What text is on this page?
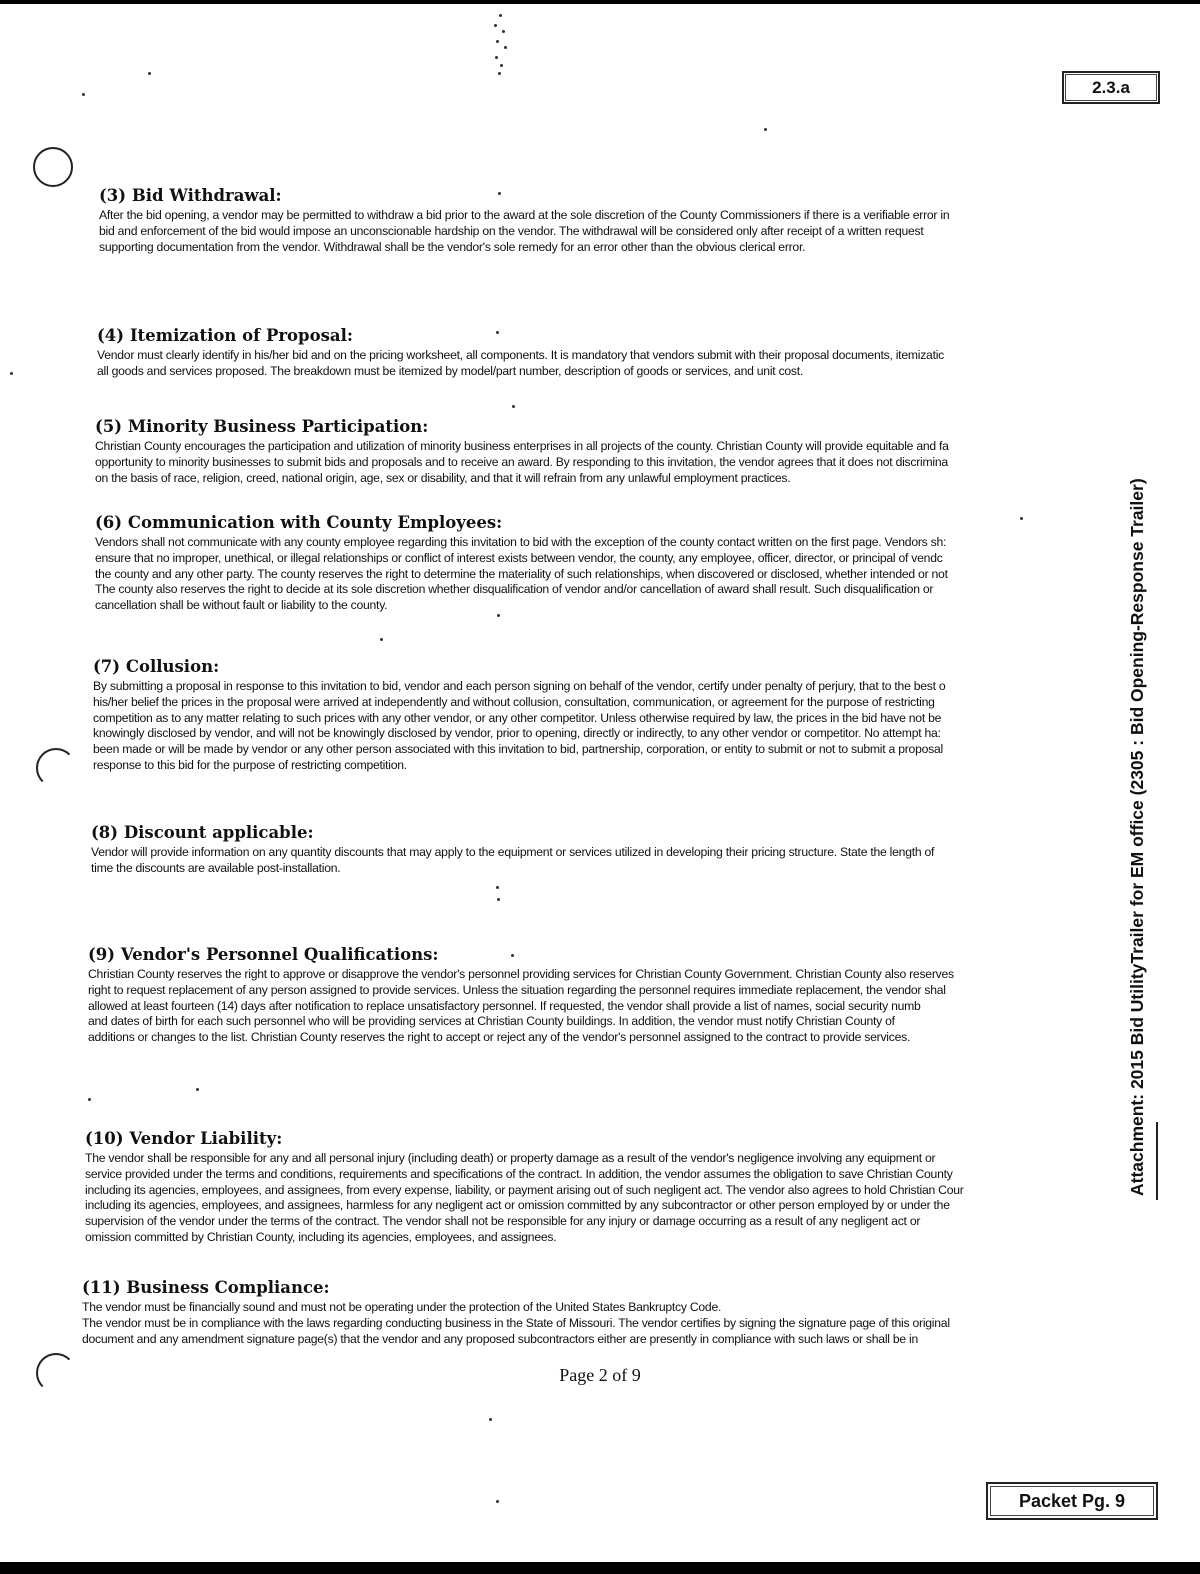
2.3.a
Attachment: 2015 Bid UtilityTrailer for EM office (2305 : Bid Opening-Response Trailer)
(3) Bid Withdrawal:

After the bid opening, a vendor may be permitted to withdraw a bid prior to the award at the sole discretion of the County Commissioners if there is a verifiable error in

bid and enforcement of the bid would impose an unconscionable hardship on the vendor. The withdrawal will be considered only after receipt of a written request

supporting documentation from the vendor. Withdrawal shall be the vendor's sole remedy for an error other than the obvious clerical error.

(4) Itemization of Proposal:

Vendor must clearly identify in his/her bid and on the pricing worksheet, all components. It is mandatory that vendors submit with their proposal documents, itemizatic

all goods and services proposed. The breakdown must be itemized by model/part number, description of goods or services, and unit cost.

(5) Minority Business Participation:

Christian County encourages the participation and utilization of minority business enterprises in all projects of the county. Christian County will provide equitable and fa

opportunity to minority businesses to submit bids and proposals and to receive an award. By responding to this invitation, the vendor agrees that it does not discrimina

on the basis of race, religion, creed, national origin, age, sex or disability, and that it will refrain from any unlawful employment practices.

(6) Communication with County Employees:

Vendors shall not communicate with any county employee regarding this invitation to bid with the exception of the county contact written on the first page. Vendors sh:

ensure that no improper, unethical, or illegal relationships or conflict of interest exists between vendor, the county, any employee, officer, director, or principal of vendc

the county and any other party. The county reserves the right to determine the materiality of such relationships, when discovered or disclosed, whether intended or not

The county also reserves the right to decide at its sole discretion whether disqualification of vendor and/or cancellation of award shall result. Such disqualification or

cancellation shall be without fault or liability to the county.

(7) Collusion:

By submitting a proposal in response to this invitation to bid, vendor and each person signing on behalf of the vendor, certify under penalty of perjury, that to the best o

his/her belief the prices in the proposal were arrived at independently and without collusion, consultation, communication, or agreement for the purpose of restricting

competition as to any matter relating to such prices with any other vendor, or any other competitor. Unless otherwise required by law, the prices in the bid have not be

knowingly disclosed by vendor, and will not be knowingly disclosed by vendor, prior to opening, directly or indirectly, to any other vendor or competitor. No attempt ha:

been made or will be made by vendor or any other person associated with this invitation to bid, partnership, corporation, or entity to submit or not to submit a proposal

response to this bid for the purpose of restricting competition.

(8) Discount applicable:

Vendor will provide information on any quantity discounts that may apply to the equipment or services utilized in developing their pricing structure. State the length of

time the discounts are available post-installation.

(9) Vendor's Personnel Qualifications:

Christian County reserves the right to approve or disapprove the vendor's personnel providing services for Christian County Government. Christian County also reserves

right to request replacement of any person assigned to provide services. Unless the situation regarding the personnel requires immediate replacement, the vendor shal

allowed at least fourteen (14) days after notification to replace unsatisfactory personnel. If requested, the vendor shall provide a list of names, social security numb

and dates of birth for each such personnel who will be providing services at Christian County buildings. In addition, the vendor must notify Christian County of

additions or changes to the list. Christian County reserves the right to accept or reject any of the vendor's personnel assigned to the contract to provide services.

(10) Vendor Liability:

The vendor shall be responsible for any and all personal injury (including death) or property damage as a result of the vendor's negligence involving any equipment or

service provided under the terms and conditions, requirements and specifications of the contract. In addition, the vendor assumes the obligation to save Christian County

including its agencies, employees, and assignees, from every expense, liability, or payment arising out of such negligent act. The vendor also agrees to hold Christian Cour

including its agencies, employees, and assignees, harmless for any negligent act or omission committed by any subcontractor or other person employed by or under the

supervision of the vendor under the terms of the contract. The vendor shall not be responsible for any injury or damage occurring as a result of any negligent act or

omission committed by Christian County, including its agencies, employees, and assignees.

(11) Business Compliance:

The vendor must be financially sound and must not be operating under the protection of the United States Bankruptcy Code.

The vendor must be in compliance with the laws regarding conducting business in the State of Missouri. The vendor certifies by signing the signature page of this original

document and any amendment signature page(s) that the vendor and any proposed subcontractors either are presently in compliance with such laws or shall be in

Page 2 of 9
Packet Pg. 9
